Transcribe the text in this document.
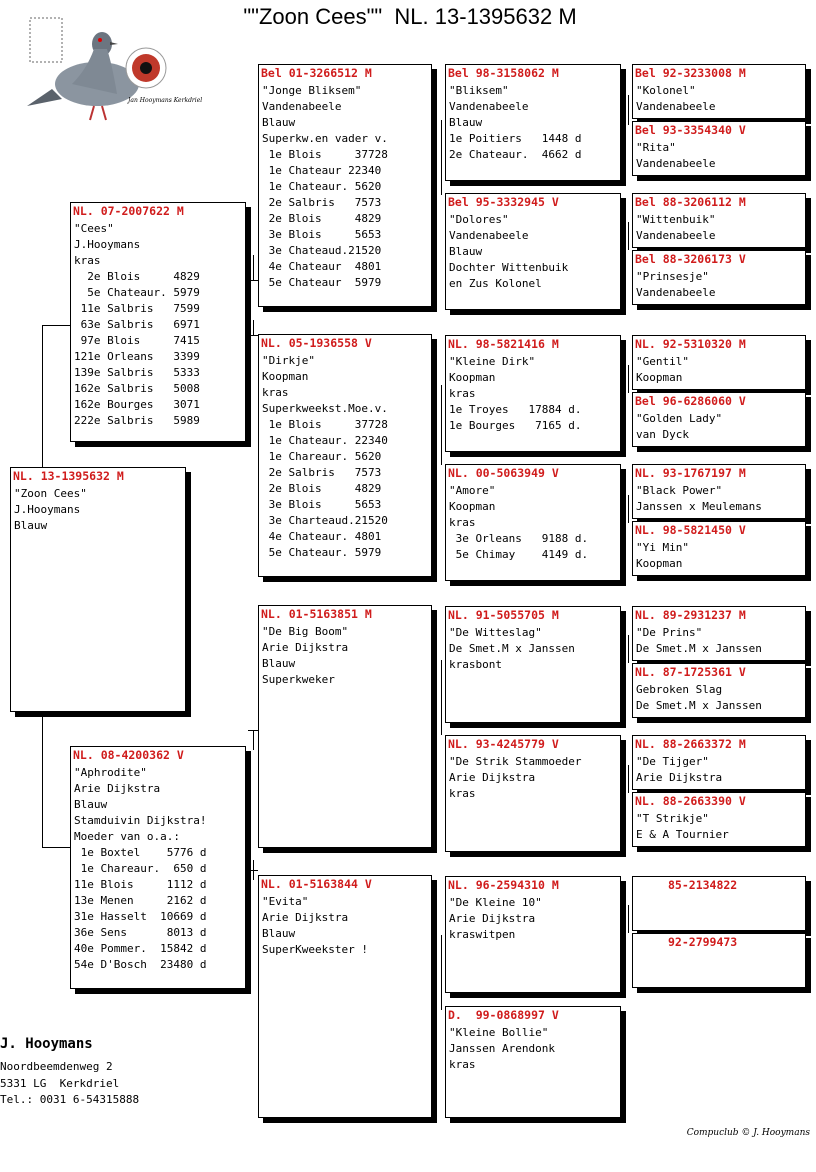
""Zoon Cees""  NL. 13-1395632 M
Jan Hooymans Kerkdriel
NL. 13-1395632 M
"Zoon Cees"
J.Hooymans
Blauw
NL. 07-2007622 M
"Cees"
J.Hooymans
kras
2e Blois     4829
5e Chateaur. 5979
11e Salbris   7599
63e Salbris   6971
97e Blois     7415
121e Orleans   3399
139e Salbris   5333
162e Salbris   5008
162e Bourges   3071
222e Salbris   5989
NL. 08-4200362 V
"Aphrodite"
Arie Dijkstra
Blauw
Stamduivin Dijkstra!
Moeder van o.a.:
1e Boxtel    5776 d
1e Chareaur.  650 d
11e Blois     1112 d
13e Menen     2162 d
31e Hasselt  10669 d
36e Sens      8013 d
40e Pommer.  15842 d
54e D'Bosch  23480 d
Bel 01-3266512 M
"Jonge Bliksem"
Vandenabeele
Blauw
Superkw.en vader v.
1e Blois     37728
1e Chateaur 22340
1e Chateaur. 5620
2e Salbris   7573
2e Blois     4829
3e Blois     5653
3e Chateaud.21520
4e Chateaur  4801
5e Chateaur  5979
NL. 05-1936558 V
"Dirkje"
Koopman
kras
Superkweekst.Moe.v.
1e Blois     37728
1e Chateaur. 22340
1e Chareaur. 5620
2e Salbris   7573
2e Blois     4829
3e Blois     5653
3e Charteaud.21520
4e Chateaur. 4801
5e Chateaur. 5979
NL. 01-5163851 M
"De Big Boom"
Arie Dijkstra
Blauw
Superkweker
NL. 01-5163844 V
"Evita"
Arie Dijkstra
Blauw
SuperKweekster !
Bel 98-3158062 M
"Bliksem"
Vandenabeele
Blauw
1e Poitiers   1448 d
2e Chateaur.  4662 d
Bel 95-3332945 V
"Dolores"
Vandenabeele
Blauw
Dochter Wittenbuik
en Zus Kolonel
NL. 98-5821416 M
"Kleine Dirk"
Koopman
kras
1e Troyes   17884 d.
1e Bourges   7165 d.
NL. 00-5063949 V
"Amore"
Koopman
kras
3e Orleans   9188 d.
5e Chimay    4149 d.
NL. 91-5055705 M
"De Witteslag"
De Smet.M x Janssen
krasbont
NL. 93-4245779 V
"De Strik Stammoeder
Arie Dijkstra
kras
NL. 96-2594310 M
"De Kleine 10"
Arie Dijkstra
kraswitpen
D.  99-0868997 V
"Kleine Bollie"
Janssen Arendonk
kras
Bel 92-3233008 M
"Kolonel"
Vandenabeele
Bel 93-3354340 V
"Rita"
Vandenabeele
Bel 88-3206112 M
"Wittenbuik"
Vandenabeele
Bel 88-3206173 V
"Prinsesje"
Vandenabeele
NL. 92-5310320 M
"Gentil"
Koopman
Bel 96-6286060 V
"Golden Lady"
van Dyck
NL. 93-1767197 M
"Black Power"
Janssen x Meulemans
NL. 98-5821450 V
"Yi Min"
Koopman
NL. 89-2931237 M
"De Prins"
De Smet.M x Janssen
NL. 87-1725361 V
Gebroken Slag
De Smet.M x Janssen
NL. 88-2663372 M
"De Tijger"
Arie Dijkstra
NL. 88-2663390 V
"T Strikje"
E & A Tournier
85-2134822
92-2799473
J. Hooymans
Noordbeemdenweg 2
5331 LG  Kerkdriel
Tel.: 0031 6-54315888
Compuclub © J. Hooymans
